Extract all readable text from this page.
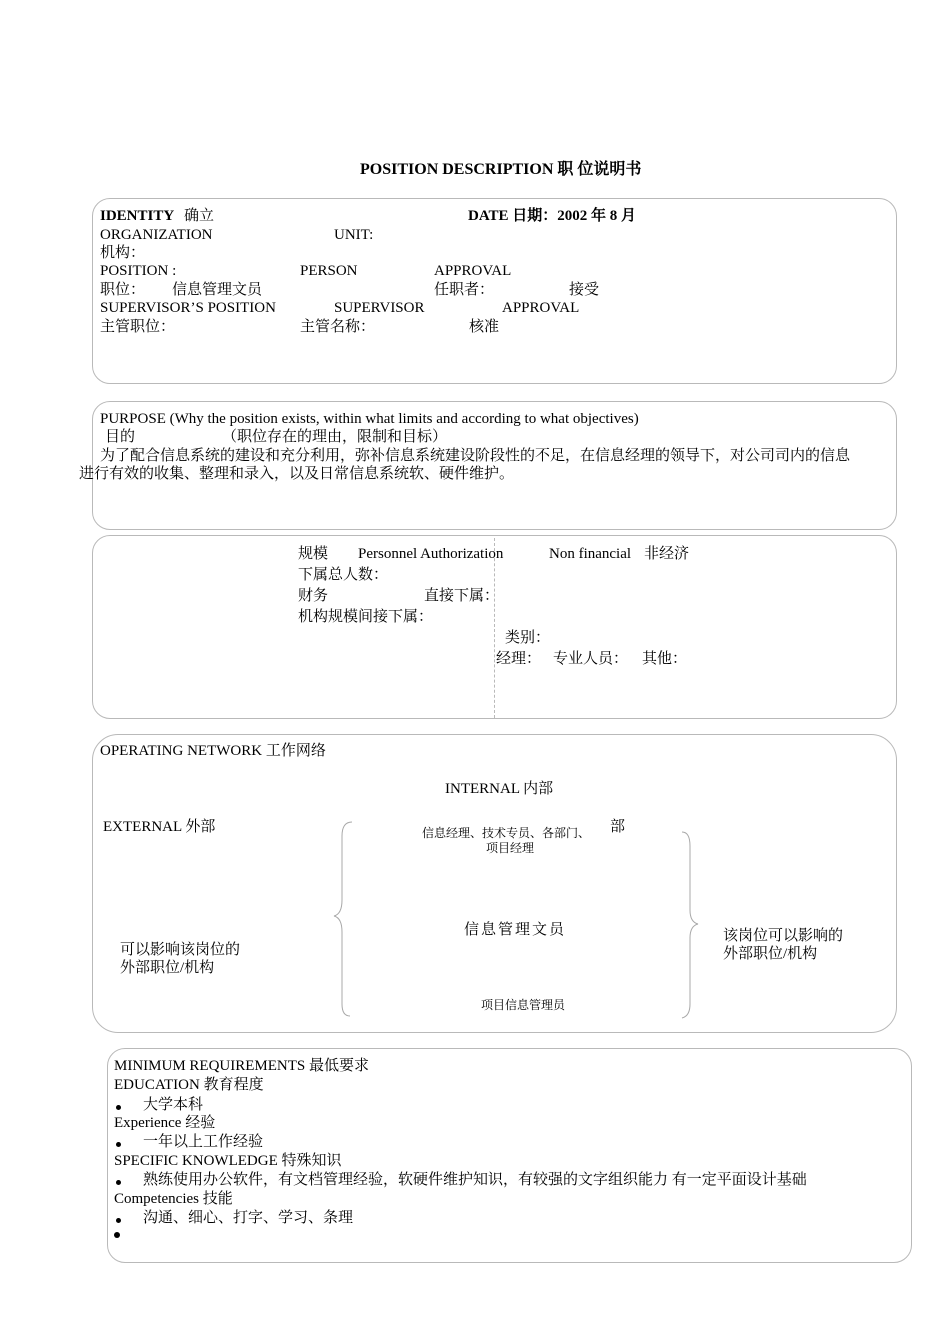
POSITION DESCRIPTION 职 位说明书
IDENTITY 确立	DATE 日期：2002 年 8 月
ORGANIZATION	UNIT:
机构：
POSITION :	PERSON	APPROVAL
职位： 信息管理文员	任职者：	接受
SUPERVISOR’S POSITION	SUPERVISOR	APPROVAL
主管职位：	主管名称：	核准
PURPOSE (Why the position exists, within what limits and according to what objectives)
目的	（职位存在的理由，限制和目标）
为了配合信息系统的建设和充分利用，弥补信息系统建设阶段性的不足，在信息经理的领导下，对公司司内的信息
进行有效的收集、整理和录入，以及日常信息系统软、硬件维护。
规模 Personnel Authorization	Non financial 非经济
下属总人数：
财务	直接下属：
机构规模间接下属：
类别：
经理： 专业人员： 其他：
OPERATING NETWORK 工作网络
INTERNAL 内部
EXTERNAL 外部	部
信息经理、技术专员、各部门、
项目经理
信息管理文员
项目信息管理员
可以影响该岗位的
外部职位/机构
该岗位可以影响的
外部职位/机构
MINIMUM REQUIREMENTS 最低要求
EDUCATION 教育程度
大学本科
Experience 经验
一年以上工作经验
SPECIFIC KNOWLEDGE 特殊知识
熟练使用办公软件，有文档管理经验，软硬件维护知识，有较强的文字组织能力 有一定平面设计基础
Competencies 技能
沟通、细心、打字、学习、条理
